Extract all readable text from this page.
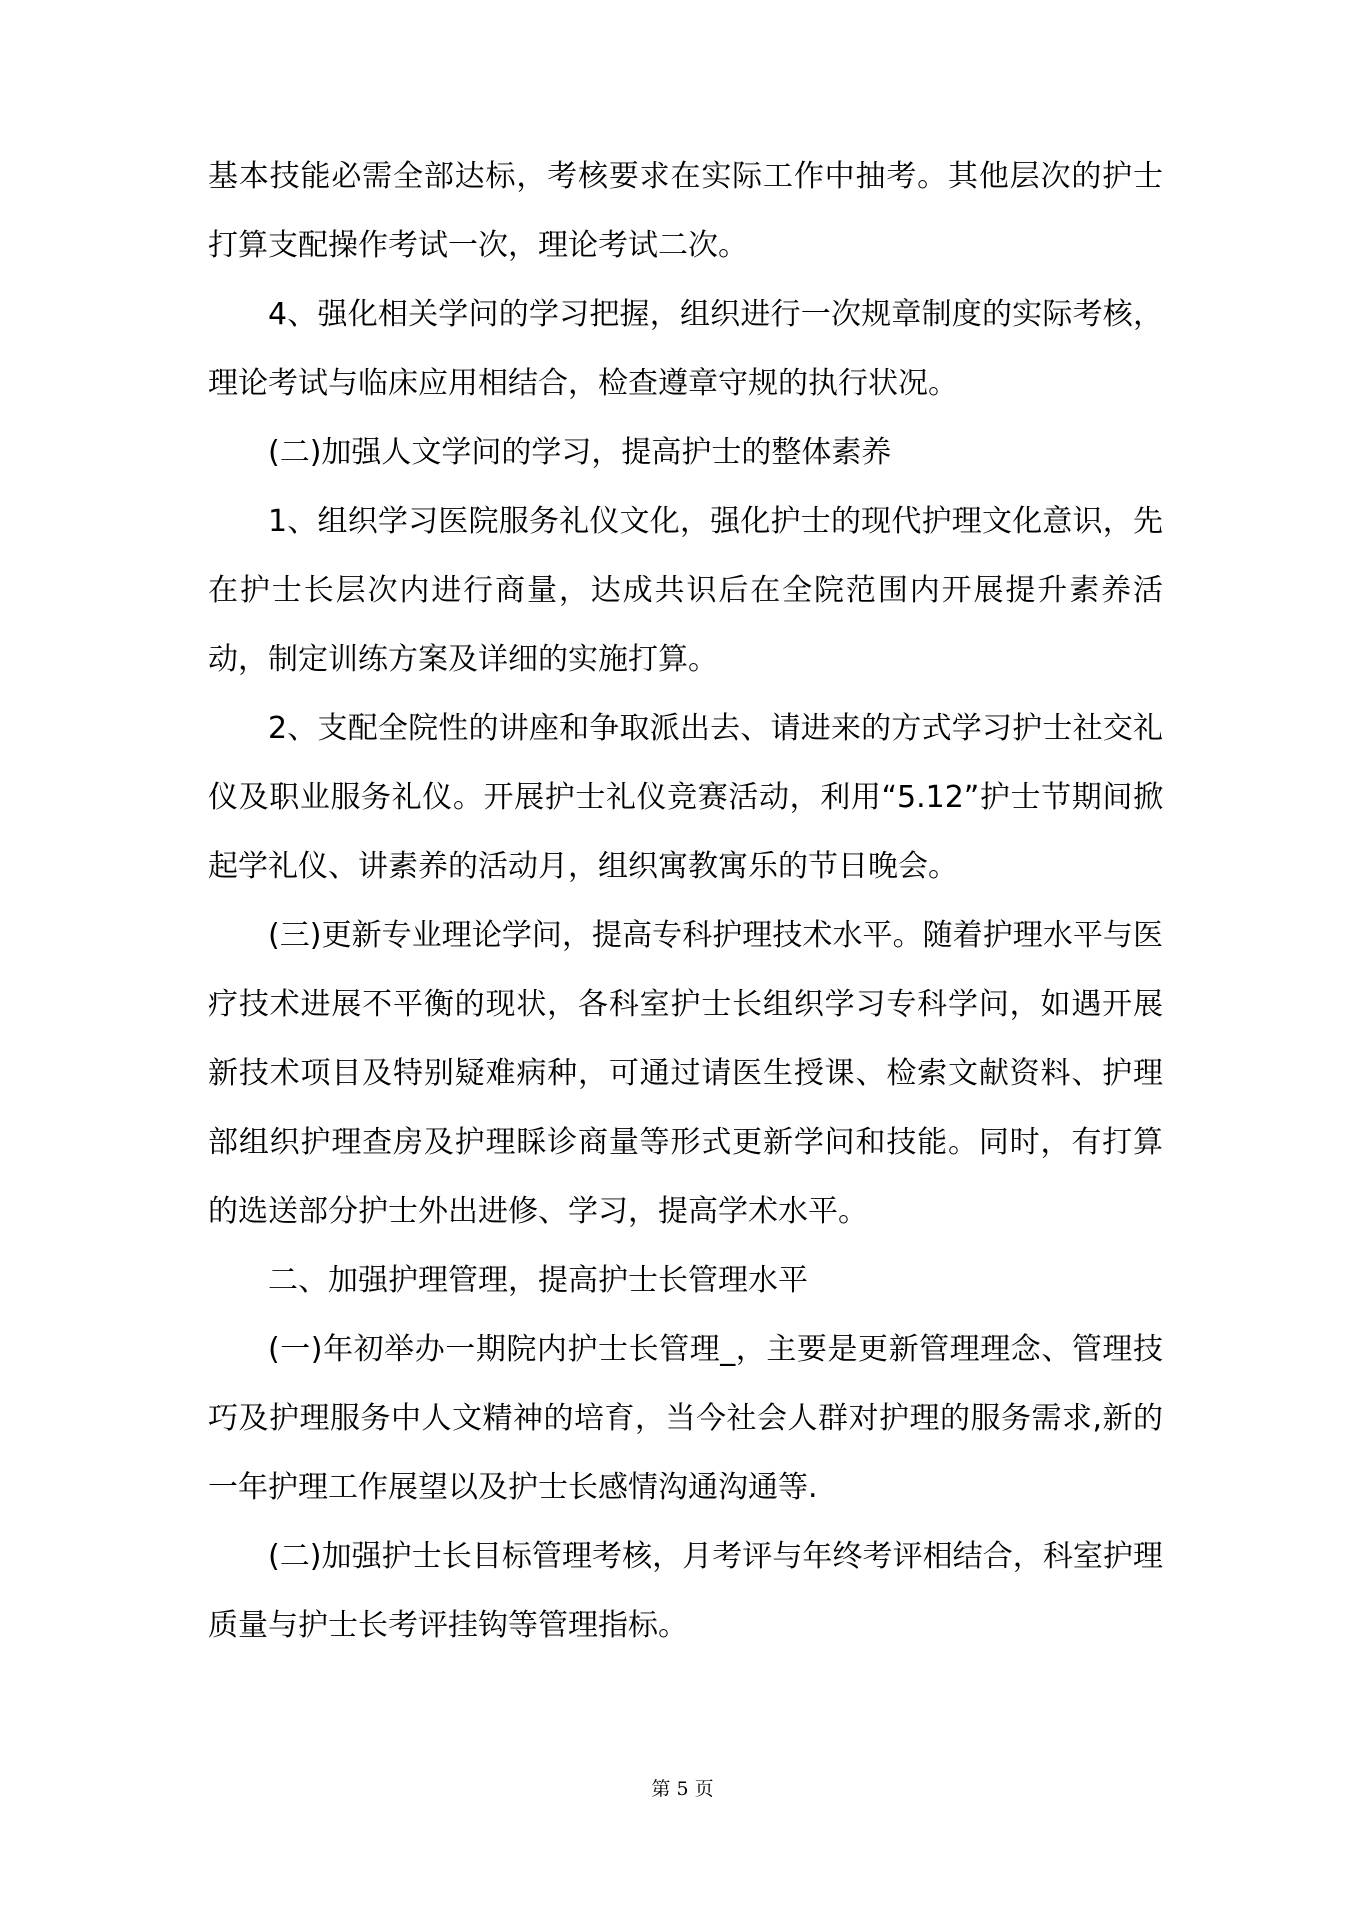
基本技能必需全部达标，考核要求在实际工作中抽考。其他层次的护士打算支配操作考试一次，理论考试二次。

4、强化相关学问的学习把握，组织进行一次规章制度的实际考核，理论考试与临床应用相结合，检查遵章守规的执行状况。

(二)加强人文学问的学习，提高护士的整体素养

1、组织学习医院服务礼仪文化，强化护士的现代护理文化意识，先在护士长层次内进行商量，达成共识后在全院范围内开展提升素养活动，制定训练方案及详细的实施打算。

2、支配全院性的讲座和争取派出去、请进来的方式学习护士社交礼仪及职业服务礼仪。开展护士礼仪竞赛活动，利用“5.12”护士节期间掀起学礼仪、讲素养的活动月，组织寓教寓乐的节日晚会。

(三)更新专业理论学问，提高专科护理技术水平。随着护理水平与医疗技术进展不平衡的现状，各科室护士长组织学习专科学问，如遇开展新技术项目及特别疑难病种，可通过请医生授课、检索文献资料、护理部组织护理查房及护理睬诊商量等形式更新学问和技能。同时，有打算的选送部分护士外出进修、学习，提高学术水平。

二、加强护理管理，提高护士长管理水平

(一)年初举办一期院内护士长管理_，主要是更新管理理念、管理技巧及护理服务中人文精神的培育，当今社会人群对护理的服务需求,新的一年护理工作展望以及护士长感情沟通沟通等.

(二)加强护士长目标管理考核，月考评与年终考评相结合，科室护理质量与护士长考评挂钩等管理指标。

第 5 页
